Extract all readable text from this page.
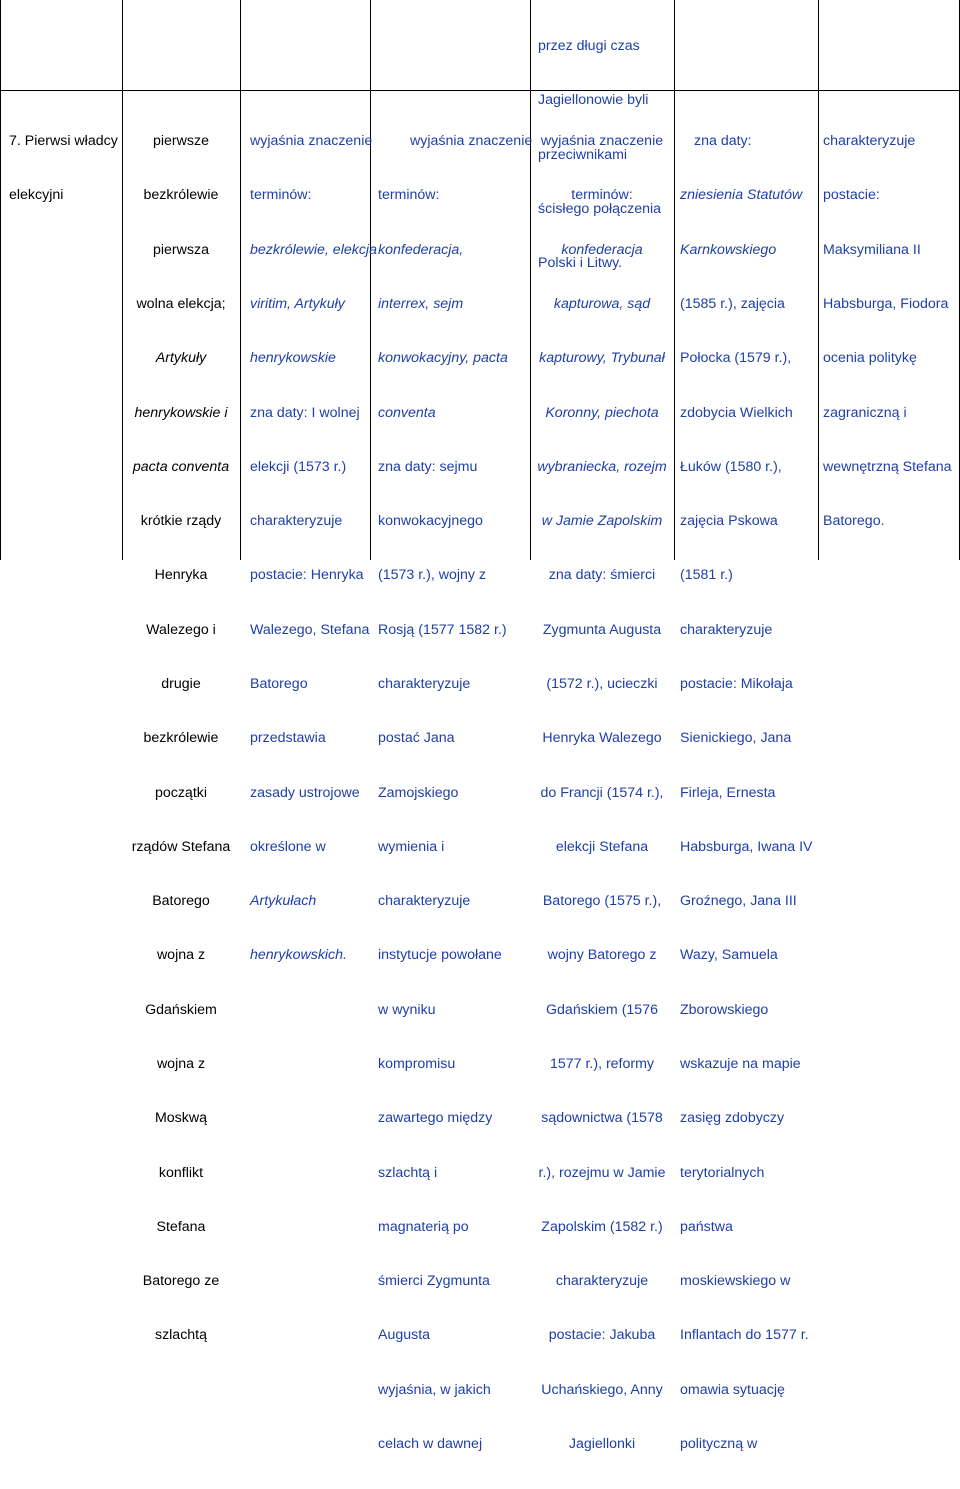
7. Pierwsi władcy

elekcyjni

pierwsze

bezkrólewie

pierwsza

wolna elekcja;

Artykuły

henrykowskie i

pacta conventa

krótkie rządy

Henryka

Walezego i

drugie

bezkrólewie

początki

rządów Stefana

Batorego

wojna z

Gdańskiem

wojna z

Moskwą

konflikt

Stefana

Batorego ze

szlachtą

wyjaśnia znaczenie

terminów:

bezkrólewie, elekcja

viritim, Artykuły

henrykowskie

zna daty: I wolnej

elekcji (1573 r.)

charakteryzuje

postacie: Henryka

Walezego, Stefana

Batorego

przedstawia

zasady ustrojowe

określone w

Artykułach

henrykowskich.

wyjaśnia znaczenie

terminów:

konfederacja,

interrex, sejm

konwokacyjny, pacta

conventa

zna daty: sejmu

konwokacyjnego

(1573 r.), wojny z

Rosją (1577 1582 r.)

charakteryzuje

postać Jana

Zamojskiego

wymienia i

charakteryzuje

instytucje powołane

w wyniku

kompromisu

zawartego między

szlachtą i

magnaterią po

śmierci Zygmunta

Augusta

wyjaśnia, w jakich

celach w dawnej

przez długi czas

Jagiellonowie byli

przeciwnikami

ścisłego połączenia

Polski i Litwy.

wyjaśnia znaczenie

terminów:

konfederacja

kapturowa, sąd

kapturowy, Trybunał

Koronny, piechota

wybraniecka, rozejm

w Jamie Zapolskim

zna daty: śmierci

Zygmunta Augusta

(1572 r.), ucieczki

Henryka Walezego

do Francji (1574 r.),

elekcji Stefana

Batorego (1575 r.),

wojny Batorego z

Gdańskiem (1576

1577 r.), reformy

sądownictwa (1578

r.), rozejmu w Jamie

Zapolskim (1582 r.)

charakteryzuje

postacie: Jakuba

Uchańskiego, Anny

Jagiellonki

zna daty:

zniesienia Statutów

Karnkowskiego

(1585 r.), zajęcia

Połocka (1579 r.),

zdobycia Wielkich

Łuków (1580 r.),

zajęcia Pskowa

(1581 r.)

charakteryzuje

postacie: Mikołaja

Sienickiego, Jana

Firleja, Ernesta

Habsburga, Iwana IV

Groźnego, Jana III

Wazy, Samuela

Zborowskiego

wskazuje na mapie

zasięg zdobyczy

terytorialnych

państwa

moskiewskiego w

Inflantach do 1577 r.

omawia sytuację

polityczną w

charakteryzuje

postacie:

Maksymiliana II

Habsburga, Fiodora

ocenia politykę

zagraniczną i

wewnętrzną Stefana

Batorego.
